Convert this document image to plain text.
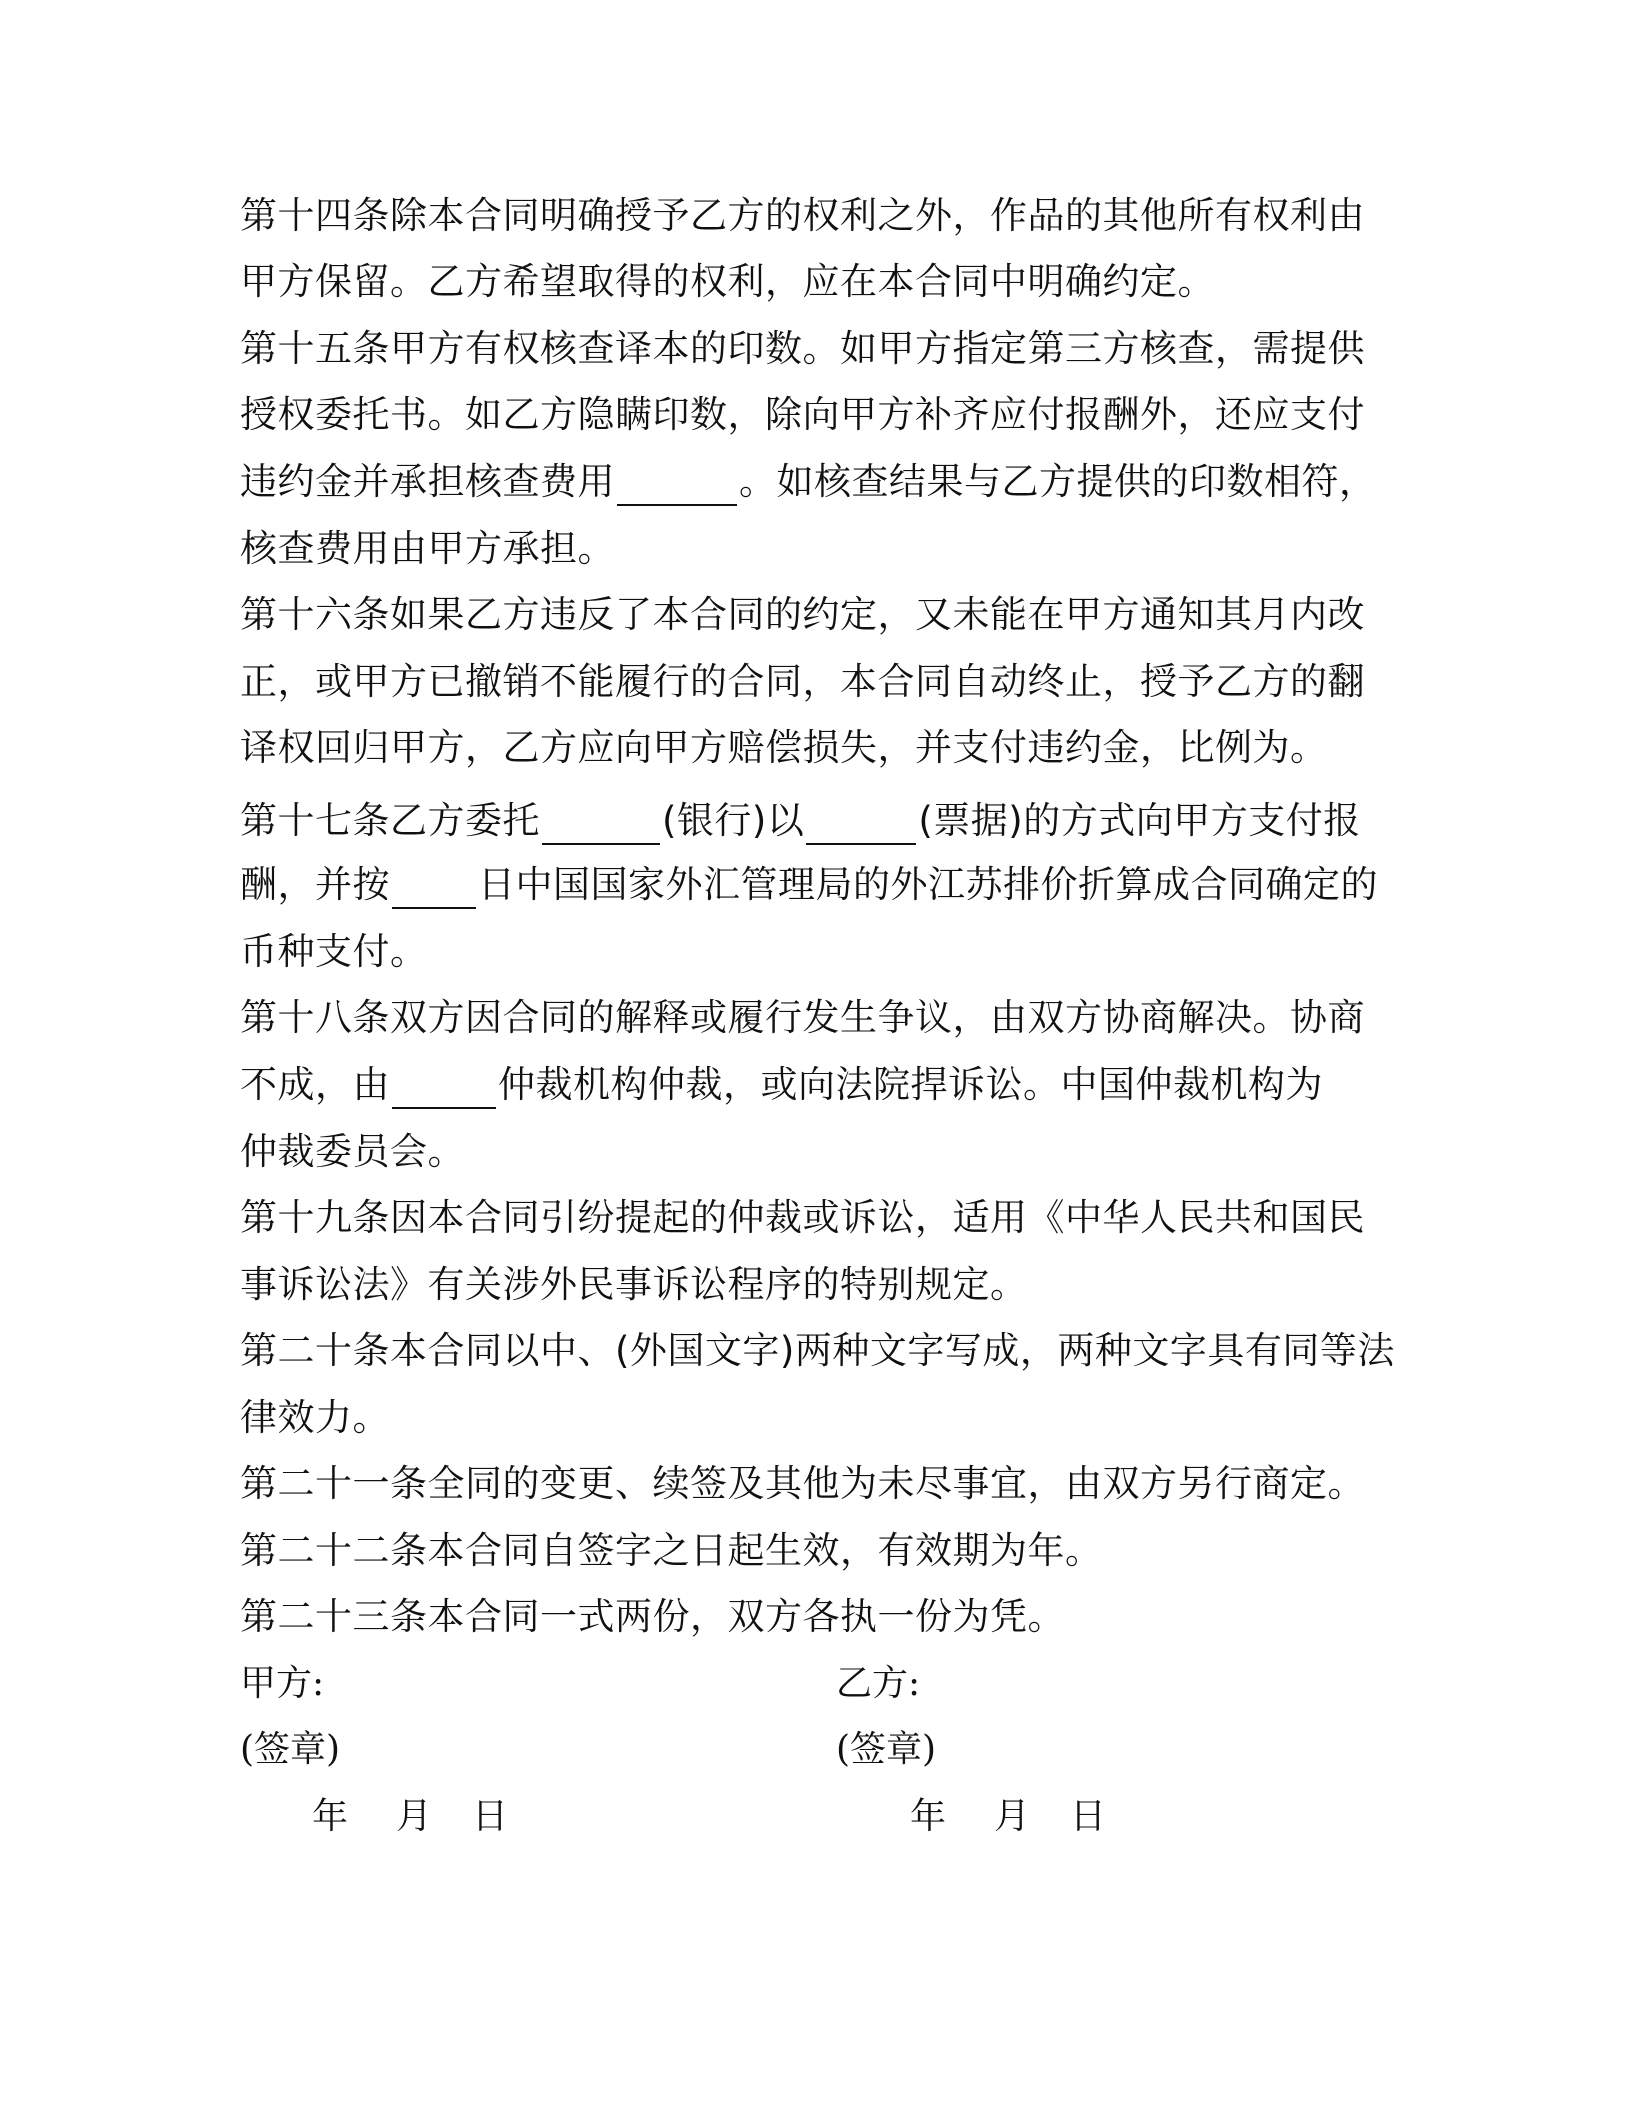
第十四条除本合同明确授予乙方的权利之外，作品的其他所有权利由
甲方保留。乙方希望取得的权利，应在本合同中明确约定。
第十五条甲方有权核查译本的印数。如甲方指定第三方核查，需提供
授权委托书。如乙方隐瞒印数，除向甲方补齐应付报酬外，还应支付
违约金并承担核查费用	。如核查结果与乙方提供的印数相符，
核查费用由甲方承担。
第十六条如果乙方违反了本合同的约定，又未能在甲方通知其月内改
正，或甲方已撤销不能履行的合同，本合同自动终止，授予乙方的翻
译权回归甲方，乙方应向甲方赔偿损失，并支付违约金，比例为。
第十七条乙方委托	(银行)以	(票据)的方式向甲方支付报
酬，并按 日中国国家外汇管理局的外江苏排价折算成合同确定的
币种支付。
第十八条双方因合同的解释或履行发生争议，由双方协商解决。协商
不成，由	仲裁机构仲裁，或向法院捍诉讼。中国仲裁机构为
仲裁委员会。
第十九条因本合同引纷提起的仲裁或诉讼，适用《中华人民共和国民
事诉讼法》有关涉外民事诉讼程序的特别规定。
第二十条本合同以中、(外国文字)两种文字写成，两种文字具有同等法
律效力。
第二十一条全同的变更、续签及其他为未尽事宜，由双方另行商定。
第二十二条本合同自签字之日起生效，有效期为年。
第二十三条本合同一式两份，双方各执一份为凭。
甲方:	乙方:
(签章)	(签章)
年 月 日	年 月 日
